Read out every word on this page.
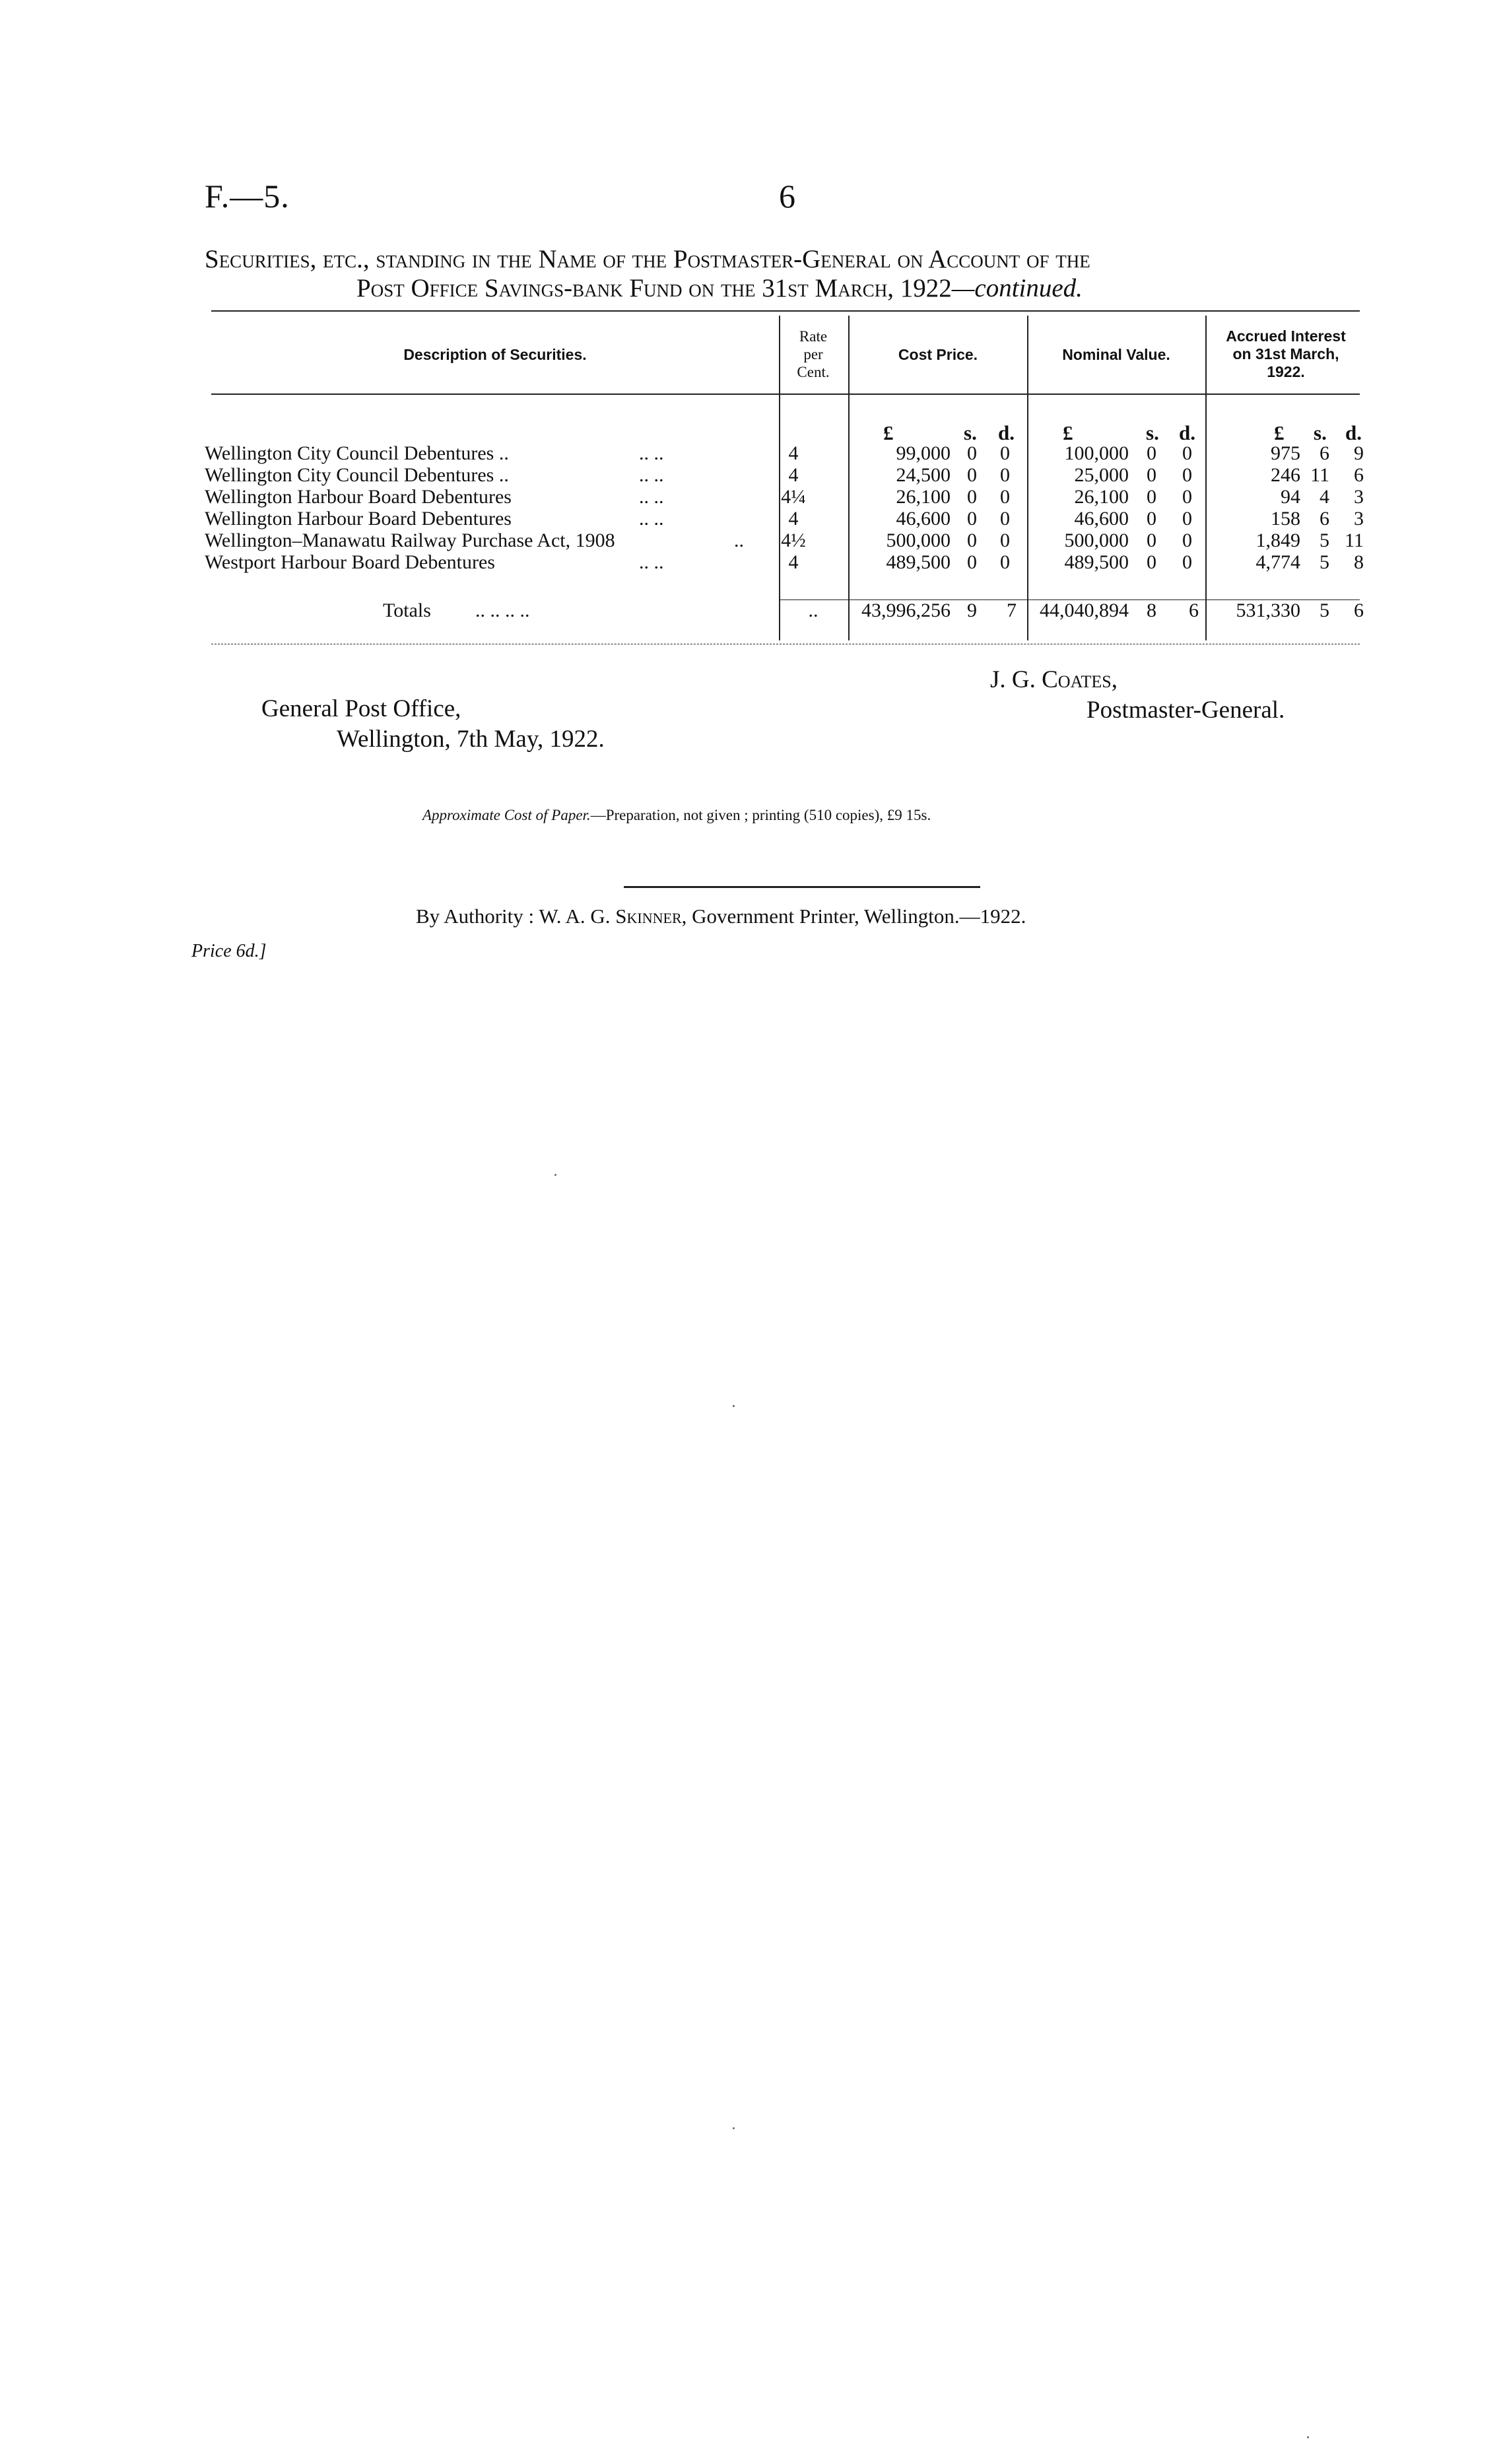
F.—5.	6
Securities, etc., standing in the Name of the Postmaster-General on Account of the
Post Office Savings-bank Fund on the 31st March, 1922—continued.
Description of Securities.
Rate
per
Cent.
Cost Price.	Nominal Value.
Accrued Interest
on 31st March,
1922.
£	s. d. £	s. d.	£ s. d.
Wellington City Council Debentures ..	.. ..	4	99,000 0	0	100,000 0	0	975 6	9
Wellington City Council Debentures ..	.. ..	4	24,500 0	0	25,000 0	0	246 11	6
Wellington Harbour Board Debentures	.. ..	4¼	26,100 0	0	26,100 0	0	94 4	3
Wellington Harbour Board Debentures	.. ..	4	46,600 0	0	46,600 0	0	158 6	3
Wellington–Manawatu Railway Purchase Act, 1908	.. 4½	500,000 0	0	500,000 0	0	1,849 5 11
Westport Harbour Board Debentures	.. ..	4	489,500 0	0	489,500 0	0	4,774 5	8
Totals .. .. .. ..	..	43,996,256 9	7	44,040,894 8	6	531,330 5	6
General Post Office,
Wellington, 7th May, 1922.
J. G. Coates,
Postmaster-General.
Approximate Cost of Paper.—Preparation, not given ; printing (510 copies), £9 15s.
By Authority : W. A. G. Skinner, Government Printer, Wellington.—1922.
Price 6d.]
